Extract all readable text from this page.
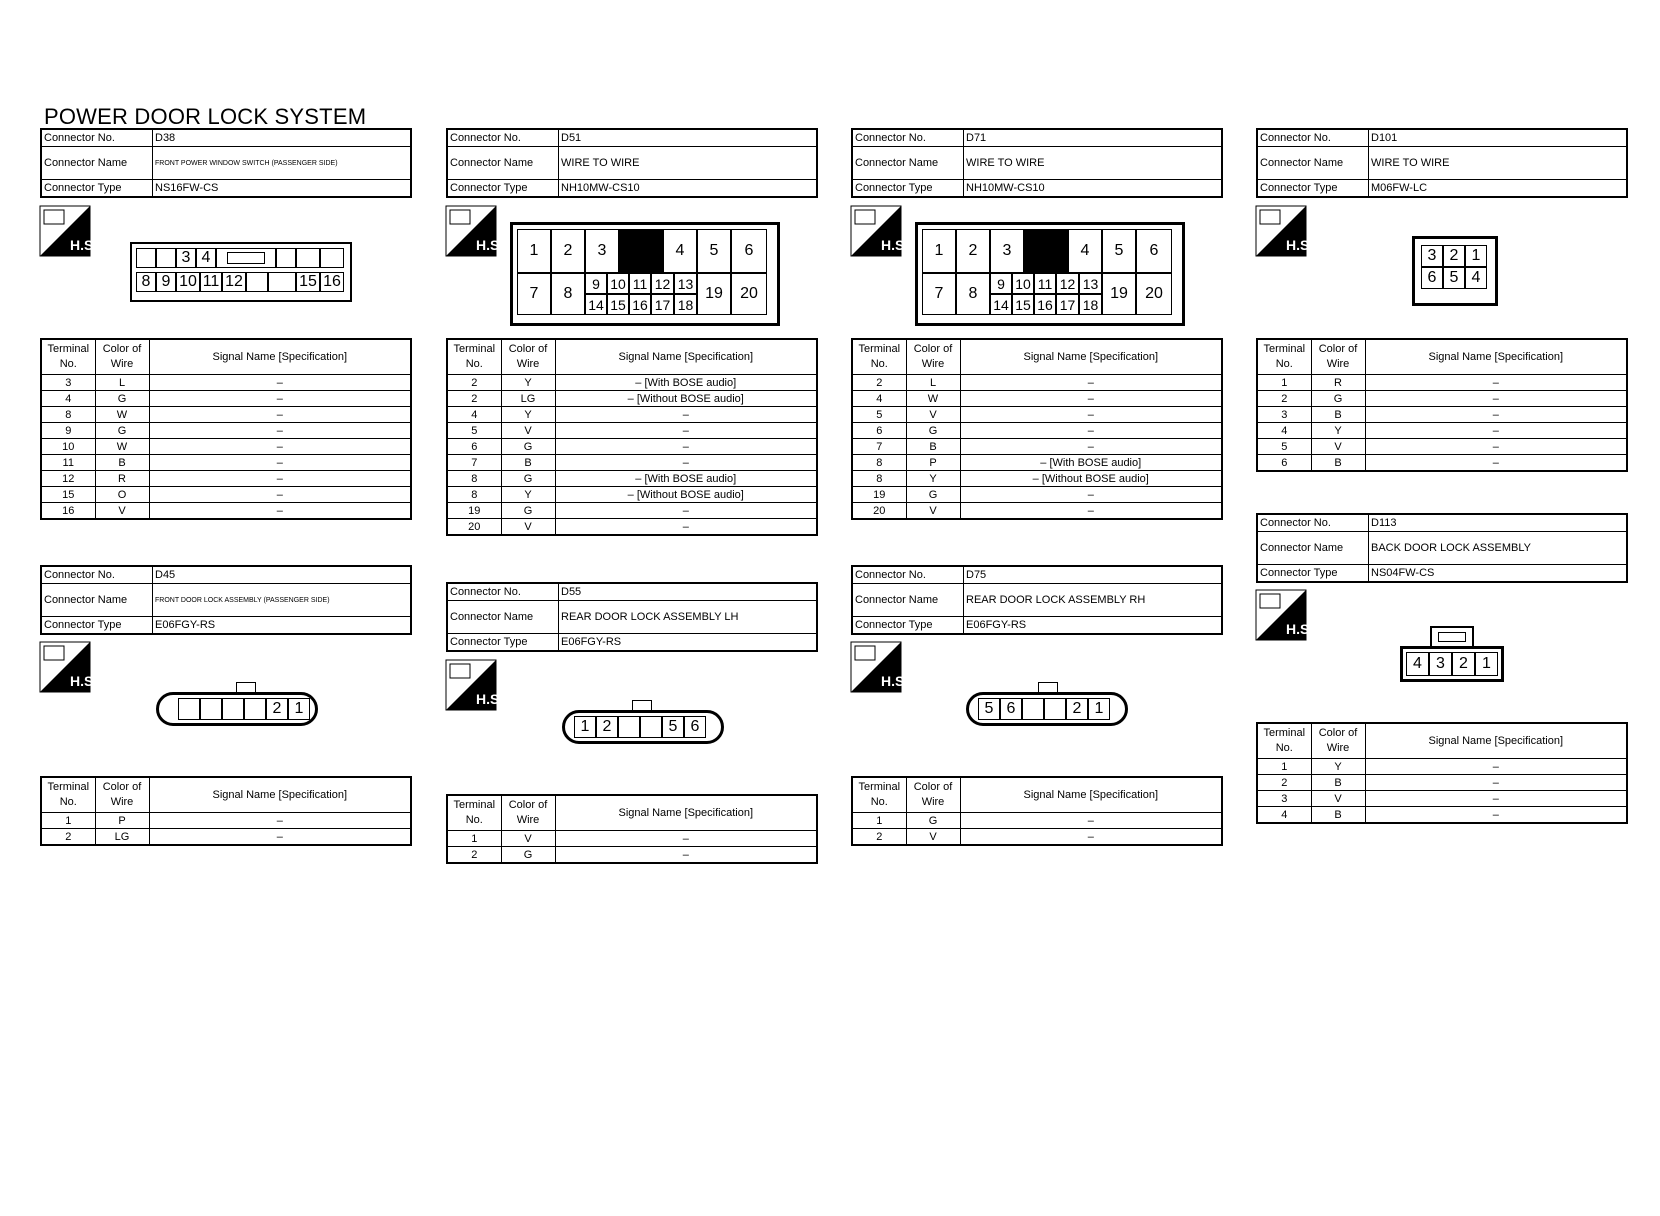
POWER DOOR LOCK SYSTEM
Connector No.	D38
Connector Name	FRONT POWER WINDOW SWITCH (PASSENGER SIDE)
Connector Type	NS16FW-CS
Connector No.	D51
Connector Name	WIRE TO WIRE
Connector Type	NH10MW-CS10
Connector No.	D71
Connector Name	WIRE TO WIRE
Connector Type	NH10MW-CS10
Connector No.	D101
Connector Name	WIRE TO WIRE
Connector Type	M06FW-LC
Connector No.	D45
Connector Name	FRONT DOOR LOCK ASSEMBLY (PASSENGER SIDE)
Connector Type	E06FGY-RS
Connector No.	D55
Connector Name	REAR DOOR LOCK ASSEMBLY LH
Connector Type	E06FGY-RS
Connector No.	D75
Connector Name	REAR DOOR LOCK ASSEMBLY RH
Connector Type	E06FGY-RS
Connector No.	D113
Connector Name	BACK DOOR LOCK ASSEMBLY
Connector Type	NS04FW-CS
H.S.	H.S.	H.S.	H.S.
H.S.
H.S.
H.S.
H.S.
3 4
8 9 10 11 12	15 16
1	2	3	4	5	6
7	8
9 10 11 12 13
14 15 16 17 18
19	20
1	2	3	4	5	6
7	8
9 10 11 12 13
14 15 16 17 18
19	20
3 2 1
6 5 4
2 1
1 2	5 6
5 6	2 1
4 3 2 1
Terminal No.	Color of Wire	Signal Name [Specification]
3	L	–
4	G	–
8	W	–
9	G	–
10	W	–
11	B	–
12	R	–
15	O	–
16	V	–
Terminal No.	Color of Wire	Signal Name [Specification]
2	Y	– [With BOSE audio]
2	LG	– [Without BOSE audio]
4	Y	–
5	V	–
6	G	–
7	B	–
8	G	– [With BOSE audio]
8	Y	– [Without BOSE audio]
19	G	–
20	V	–
Terminal No.	Color of Wire	Signal Name [Specification]
2	L	–
4	W	–
5	V	–
6	G	–
7	B	–
8	P	– [With BOSE audio]
8	Y	– [Without BOSE audio]
19	G	–
20	V	–
Terminal No.	Color of Wire	Signal Name [Specification]
1	R	–
2	G	–
3	B	–
4	Y	–
5	V	–
6	B	–
Terminal No.	Color of Wire	Signal Name [Specification]
1	P	–
2	LG	–
Terminal No.	Color of Wire	Signal Name [Specification]
1	V	–
2	G	–
Terminal No.	Color of Wire	Signal Name [Specification]
1	G	–
2	V	–
Terminal No.	Color of Wire	Signal Name [Specification]
1	Y	–
2	B	–
3	V	–
4	B	–
